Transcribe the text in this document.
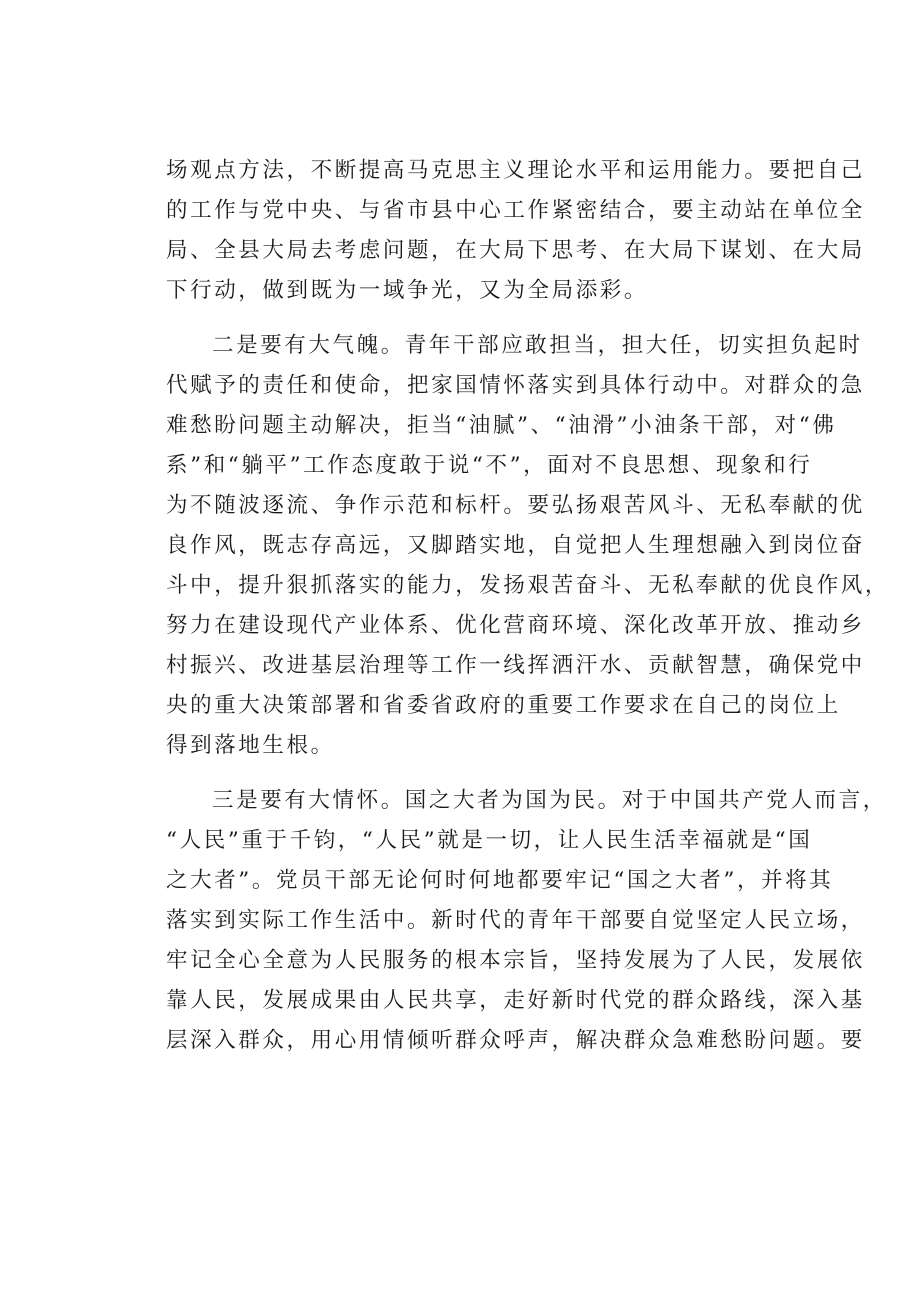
场观点方法，不断提高马克思主义理论水平和运用能力。要把自己
的工作与党中央、与省市县中心工作紧密结合，要主动站在单位全
局、全县大局去考虑问题，在大局下思考、在大局下谋划、在大局
下行动，做到既为一域争光，又为全局添彩。
二是要有大气魄。青年干部应敢担当，担大任，切实担负起时
代赋予的责任和使命，把家国情怀落实到具体行动中。对群众的急
难愁盼问题主动解决，拒当“油腻”、“油滑”小油条干部，对“佛
系”和“躺平”工作态度敢于说“不”，面对不良思想、现象和行
为不随波逐流、争作示范和标杆。要弘扬艰苦风斗、无私奉献的优
良作风，既志存高远，又脚踏实地，自觉把人生理想融入到岗位奋
斗中，提升狠抓落实的能力，发扬艰苦奋斗、无私奉献的优良作风，
努力在建设现代产业体系、优化营商环境、深化改革开放、推动乡
村振兴、改进基层治理等工作一线挥洒汗水、贡献智慧，确保党中
央的重大决策部署和省委省政府的重要工作要求在自己的岗位上
得到落地生根。
三是要有大情怀。国之大者为国为民。对于中国共产党人而言，
“人民”重于千钧，“人民”就是一切，让人民生活幸福就是“国
之大者”。党员干部无论何时何地都要牢记“国之大者”，并将其
落实到实际工作生活中。新时代的青年干部要自觉坚定人民立场，
牢记全心全意为人民服务的根本宗旨，坚持发展为了人民，发展依
靠人民，发展成果由人民共享，走好新时代党的群众路线，深入基
层深入群众，用心用情倾听群众呼声，解决群众急难愁盼问题。要
